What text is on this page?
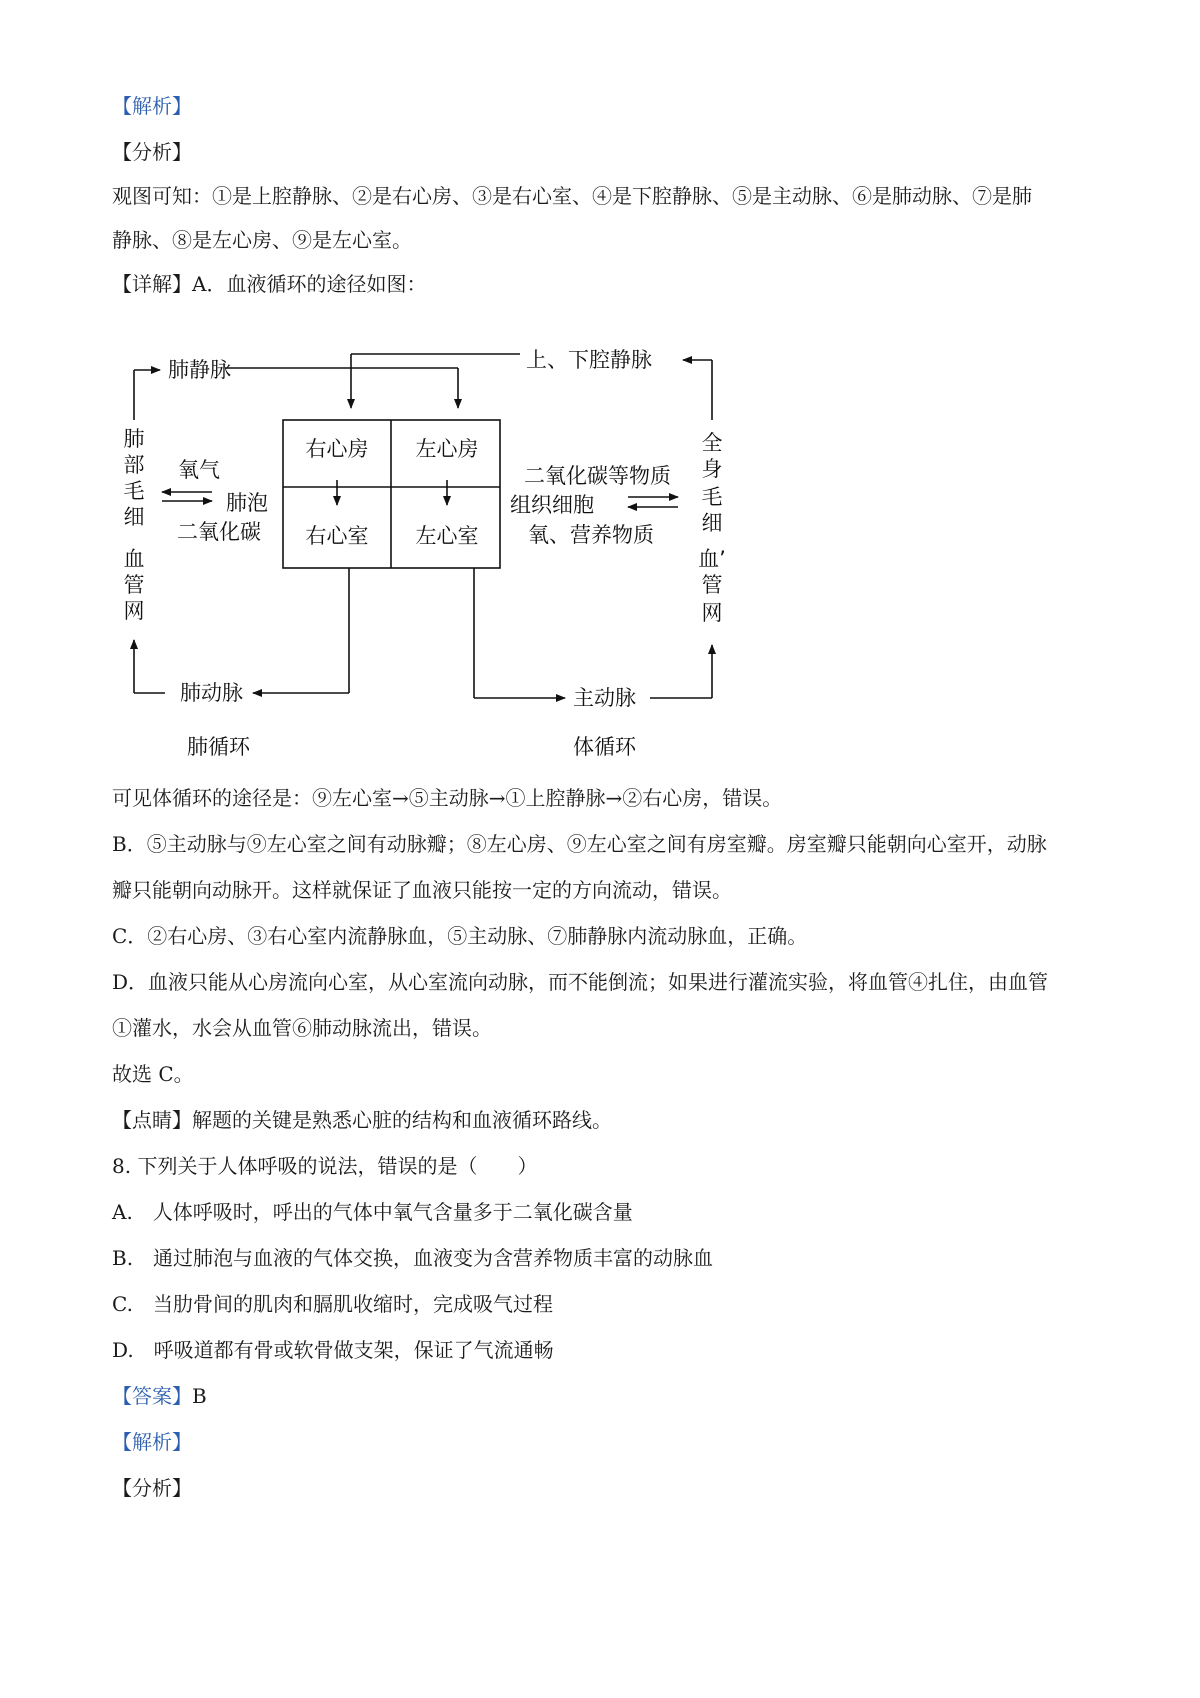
【解析】
【分析】
观图可知：①是上腔静脉、②是右心房、③是右心室、④是下腔静脉、⑤是主动脉、⑥是肺动脉、⑦是肺
静脉、⑧是左心房、⑨是左心室。
【详解】A．血液循环的途径如图：
肺静脉	上、下腔静脉
右心房 左心房
右心室 左心室
肺
部
毛
细
血
管
网
全
身
毛
细
血’
管
网
氧气
肺泡
二氧化碳
二氧化碳等物质
组织细胞
氧、营养物质
肺动脉	主动脉
肺循环	体循环
可见体循环的途径是：⑨左心室→⑤主动脉→①上腔静脉→②右心房，错误。
B．⑤主动脉与⑨左心室之间有动脉瓣；⑧左心房、⑨左心室之间有房室瓣。房室瓣只能朝向心室开，动脉
瓣只能朝向动脉开。这样就保证了血液只能按一定的方向流动，错误。
C．②右心房、③右心室内流静脉血，⑤主动脉、⑦肺静脉内流动脉血，正确。
D．血液只能从心房流向心室，从心室流向动脉，而不能倒流；如果进行灌流实验，将血管④扎住，由血管
①灌水，水会从血管⑥肺动脉流出，错误。
故选 C。
【点睛】解题的关键是熟悉心脏的结构和血液循环路线。
8. 下列关于人体呼吸的说法，错误的是（　　）
A.　人体呼吸时，呼出的气体中氧气含量多于二氧化碳含量
B.　通过肺泡与血液的气体交换，血液变为含营养物质丰富的动脉血
C.　当肋骨间的肌肉和膈肌收缩时，完成吸气过程
D.　呼吸道都有骨或软骨做支架，保证了气流通畅
【答案】B
【解析】
【分析】
